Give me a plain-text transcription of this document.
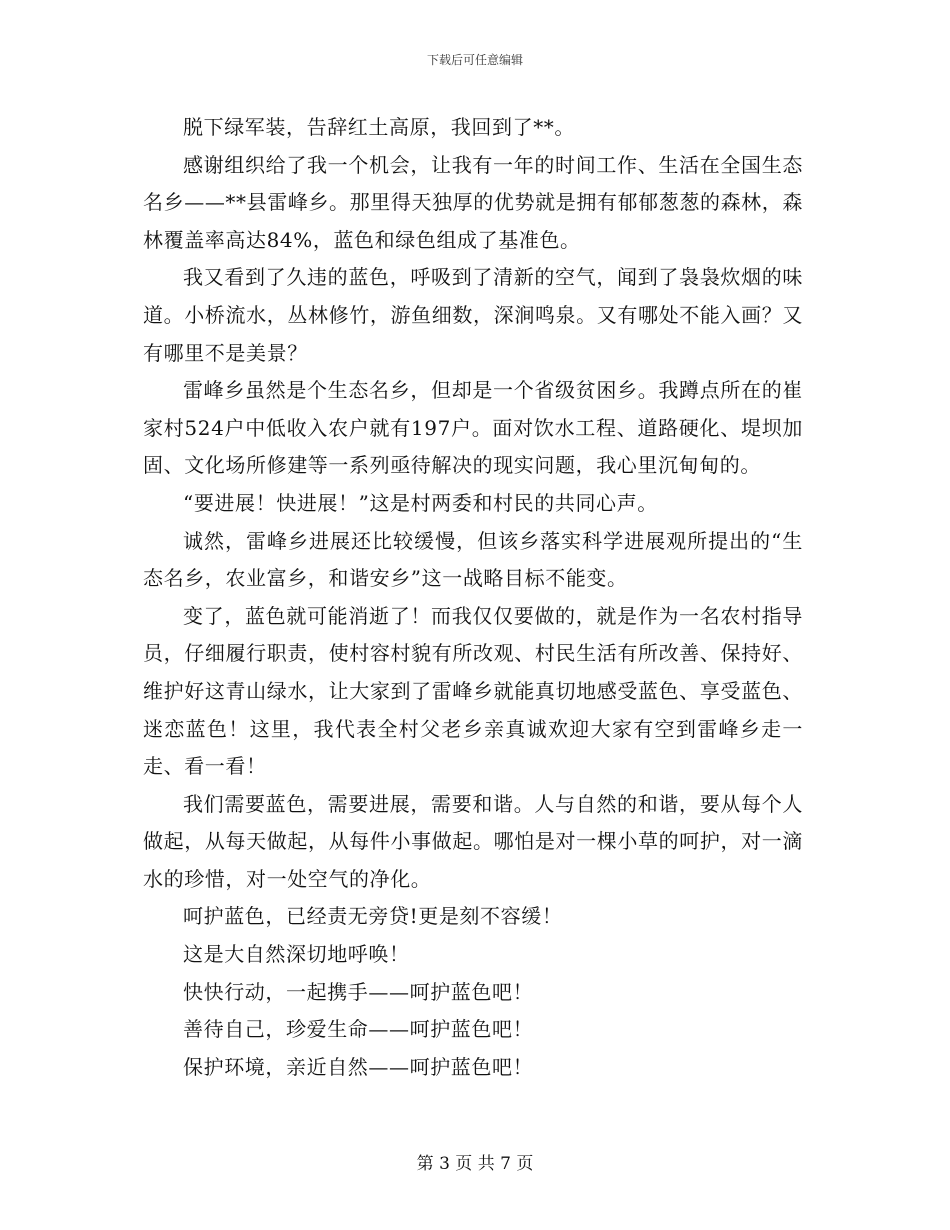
下载后可任意编辑

脱下绿军装，告辞红土高原，我回到了**。

感谢组织给了我一个机会，让我有一年的时间工作、生活在全国生态名乡——**县雷峰乡。那里得天独厚的优势就是拥有郁郁葱葱的森林，森林覆盖率高达84%，蓝色和绿色组成了基准色。

我又看到了久违的蓝色，呼吸到了清新的空气，闻到了袅袅炊烟的味道。小桥流水，丛林修竹，游鱼细数，深涧鸣泉。又有哪处不能入画？又有哪里不是美景？

雷峰乡虽然是个生态名乡，但却是一个省级贫困乡。我蹲点所在的崔家村524户中低收入农户就有197户。面对饮水工程、道路硬化、堤坝加固、文化场所修建等一系列亟待解决的现实问题，我心里沉甸甸的。

“要进展！快进展！”这是村两委和村民的共同心声。

诚然，雷峰乡进展还比较缓慢，但该乡落实科学进展观所提出的“生态名乡，农业富乡，和谐安乡”这一战略目标不能变。

变了，蓝色就可能消逝了！而我仅仅要做的，就是作为一名农村指导员，仔细履行职责，使村容村貌有所改观、村民生活有所改善、保持好、维护好这青山绿水，让大家到了雷峰乡就能真切地感受蓝色、享受蓝色、迷恋蓝色！这里，我代表全村父老乡亲真诚欢迎大家有空到雷峰乡走一走、看一看！

我们需要蓝色，需要进展，需要和谐。人与自然的和谐，要从每个人做起，从每天做起，从每件小事做起。哪怕是对一棵小草的呵护，对一滴水的珍惜，对一处空气的净化。

呵护蓝色，已经责无旁贷!更是刻不容缓！

这是大自然深切地呼唤！

快快行动，一起携手——呵护蓝色吧！

善待自己，珍爱生命——呵护蓝色吧！

保护环境，亲近自然——呵护蓝色吧！

第 3 页 共 7 页
